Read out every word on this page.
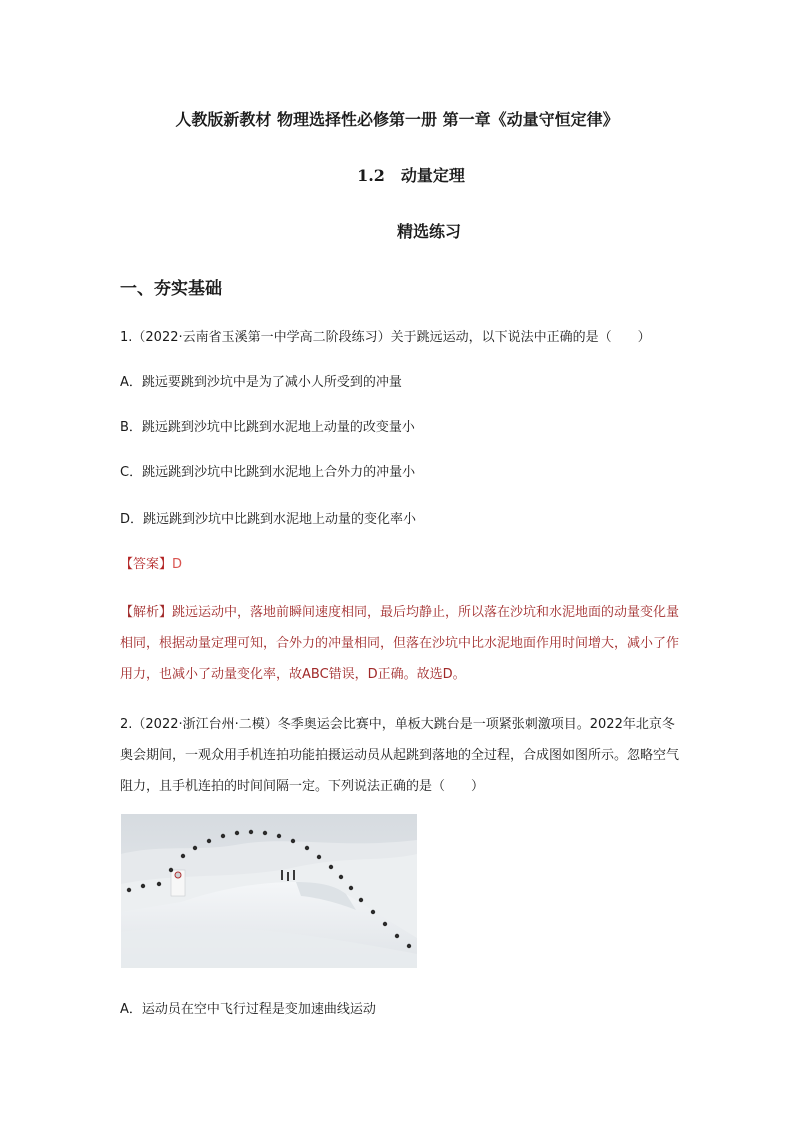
人教版新教材 物理选择性必修第一册 第一章《动量守恒定律》
1.2　动量定理
精选练习
一、夯实基础
1.（2022·云南省玉溪第一中学高二阶段练习）关于跳远运动，以下说法中正确的是（　　）
A．跳远要跳到沙坑中是为了减小人所受到的冲量
B．跳远跳到沙坑中比跳到水泥地上动量的改变量小
C．跳远跳到沙坑中比跳到水泥地上合外力的冲量小
D．跳远跳到沙坑中比跳到水泥地上动量的变化率小
【答案】D
【解析】跳远运动中，落地前瞬间速度相同，最后均静止，所以落在沙坑和水泥地面的动量变化量相同，根据动量定理可知，合外力的冲量相同，但落在沙坑中比水泥地面作用时间增大，减小了作用力，也减小了动量变化率，故ABC错误，D正确。故选D。
2.（2022·浙江台州·二模）冬季奥运会比赛中，单板大跳台是一项紧张刺激项目。2022年北京冬奥会期间，一观众用手机连拍功能拍摄运动员从起跳到落地的全过程，合成图如图所示。忽略空气阻力，且手机连拍的时间间隔一定。下列说法正确的是（　　）
A．运动员在空中飞行过程是变加速曲线运动
